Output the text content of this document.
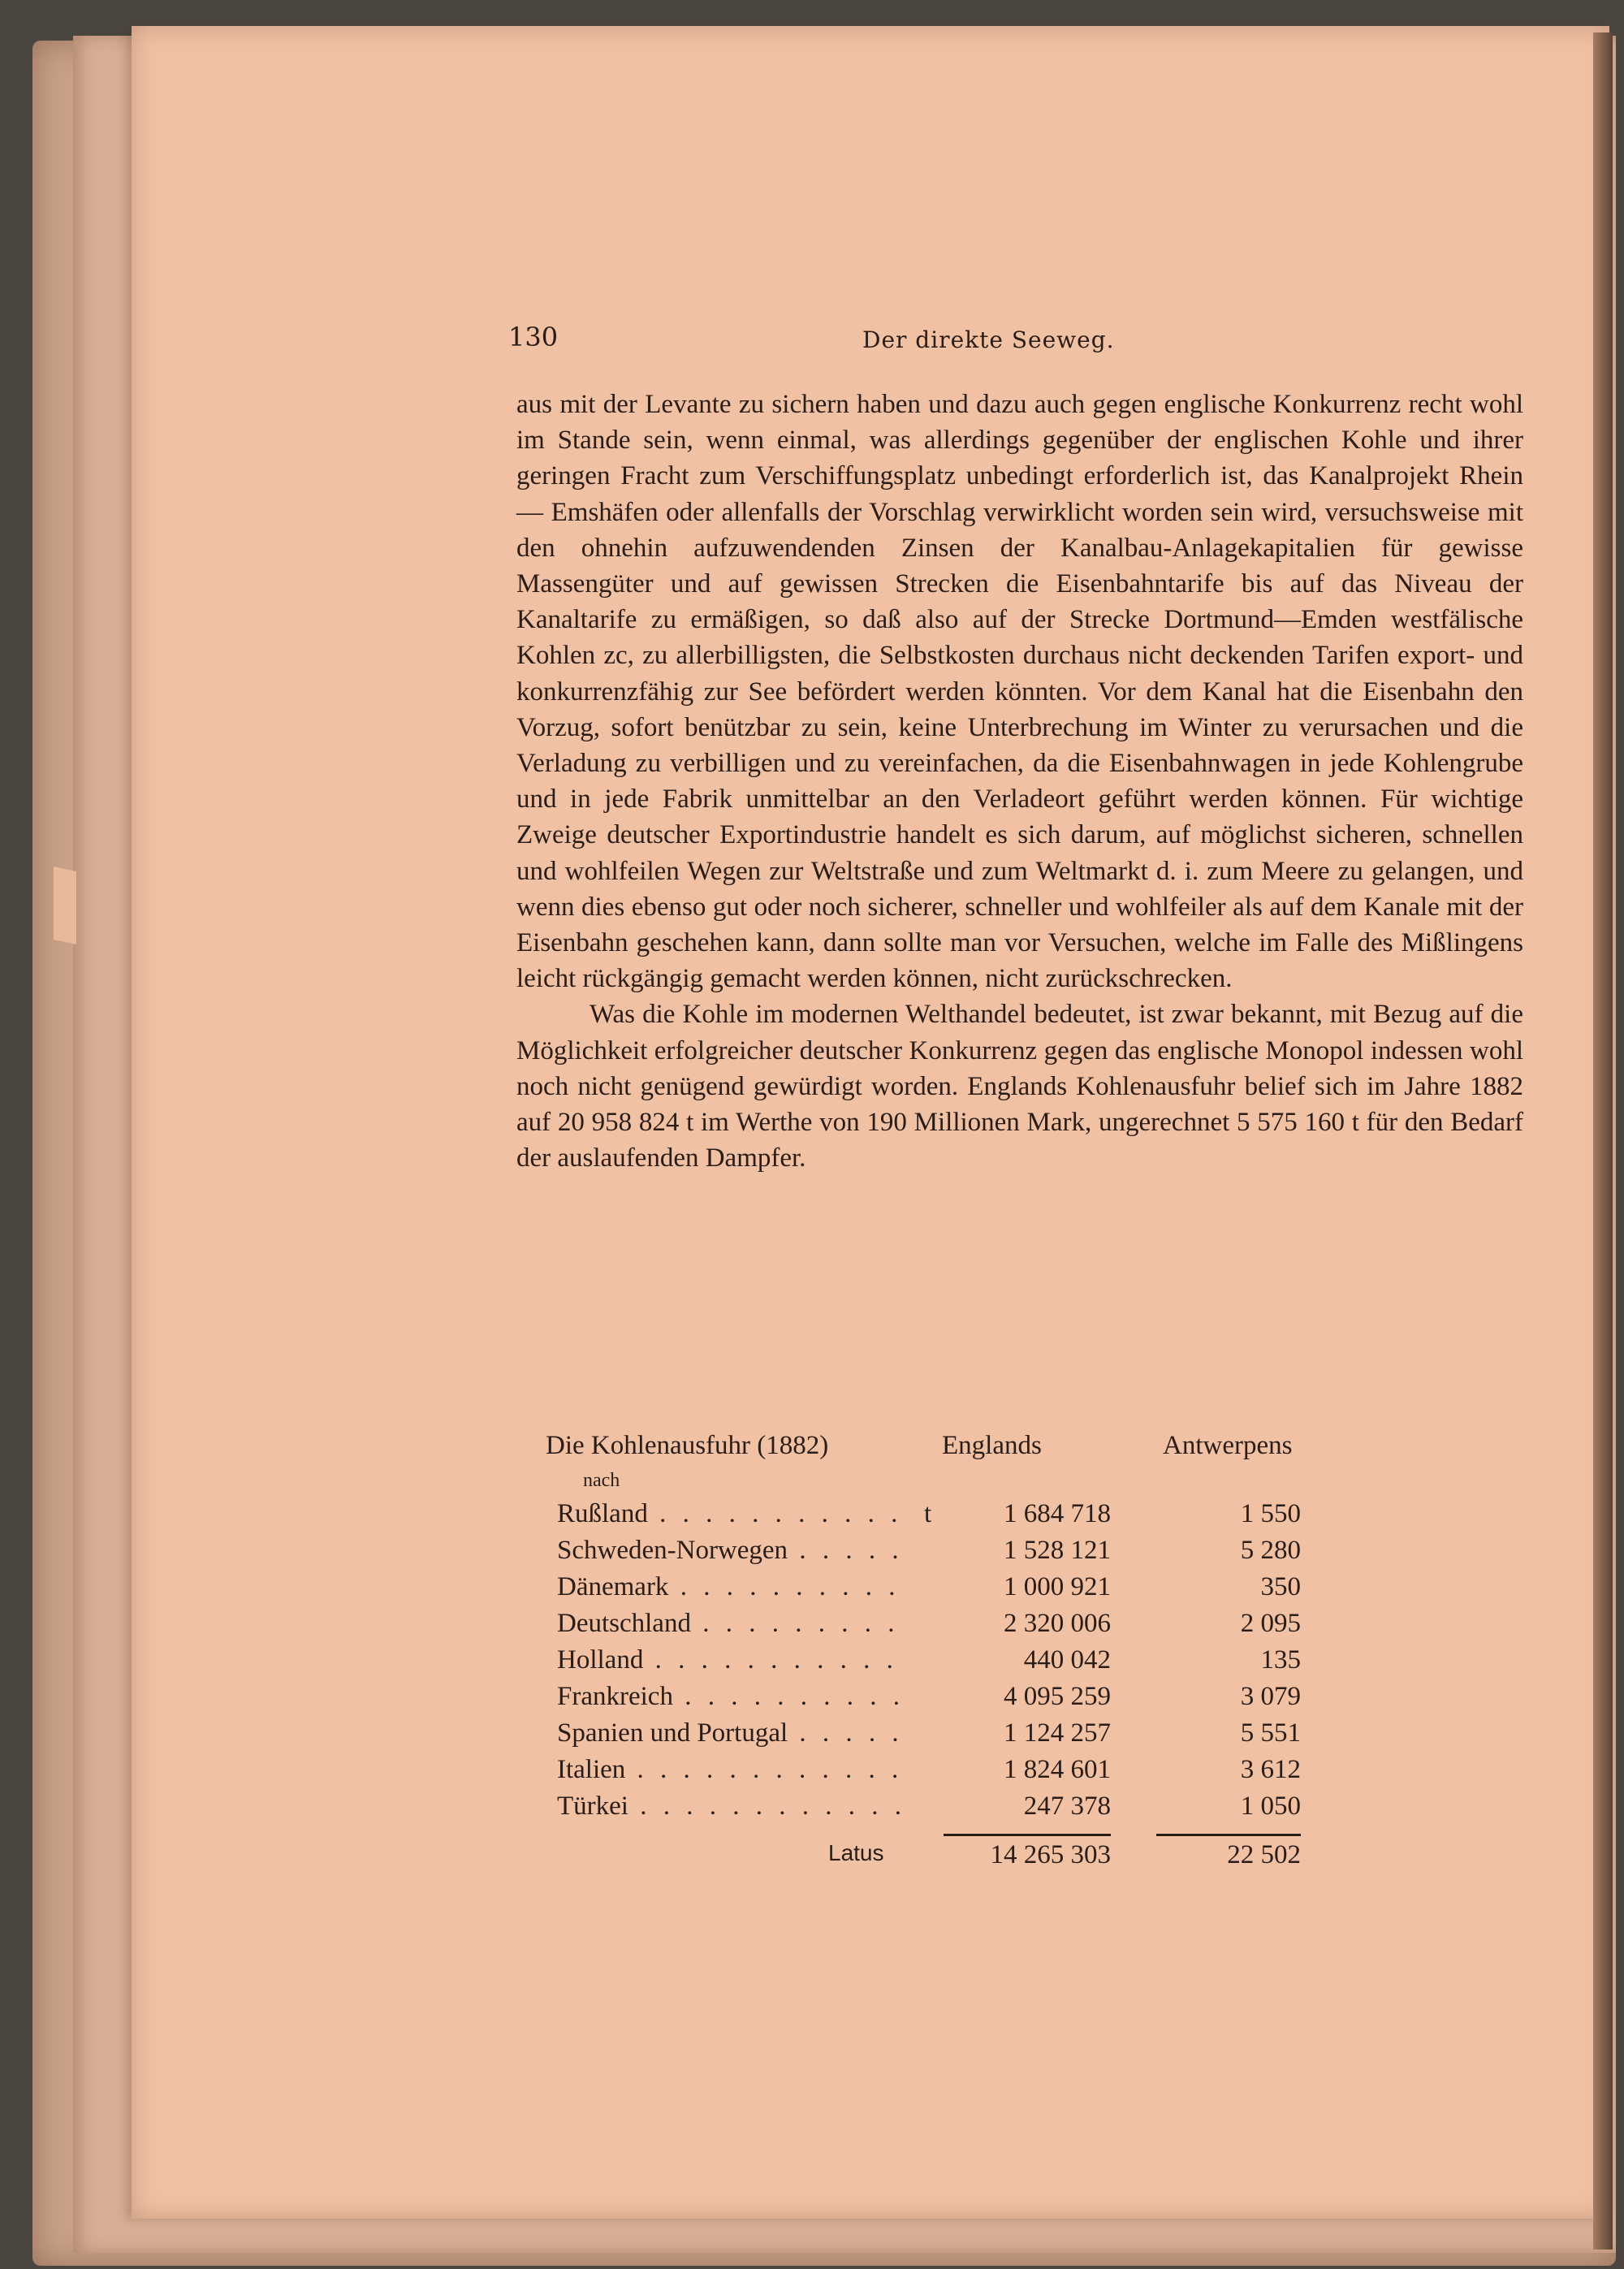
130	Der direkte Seeweg.

aus mit der Levante zu sichern haben und dazu auch gegen englische Konkurrenz recht wohl im Stande sein, wenn einmal, was allerdings gegenüber der englischen Kohle und ihrer geringen Fracht zum Verschiffungsplatz unbedingt erforderlich ist, das Kanalprojekt Rhein — Emshäfen oder allenfalls der Vorschlag verwirklicht worden sein wird, versuchsweise mit den ohnehin aufzuwendenden Zinsen der Kanalbau-Anlagekapitalien für gewisse Massengüter und auf gewissen Strecken die Eisenbahntarife bis auf das Niveau der Kanaltarife zu ermäßigen, so daß also auf der Strecke Dortmund—Emden westfälische Kohlen zc, zu allerbilligsten, die Selbstkosten durchaus nicht deckenden Tarifen export- und konkurrenzfähig zur See befördert werden könnten. Vor dem Kanal hat die Eisenbahn den Vorzug, sofort benützbar zu sein, keine Unterbrechung im Winter zu verursachen und die Verladung zu verbilligen und zu vereinfachen, da die Eisenbahnwagen in jede Kohlengrube und in jede Fabrik unmittelbar an den Verladeort geführt werden können. Für wichtige Zweige deutscher Exportindustrie handelt es sich darum, auf möglichst sicheren, schnellen und wohlfeilen Wegen zur Weltstraße und zum Weltmarkt d. i. zum Meere zu gelangen, und wenn dies ebenso gut oder noch sicherer, schneller und wohlfeiler als auf dem Kanale mit der Eisenbahn geschehen kann, dann sollte man vor Versuchen, welche im Falle des Mißlingens leicht rückgängig gemacht werden können, nicht zurückschrecken.

Was die Kohle im modernen Welthandel bedeutet, ist zwar bekannt, mit Bezug auf die Möglichkeit erfolgreicher deutscher Konkurrenz gegen das englische Monopol indessen wohl noch nicht genügend gewürdigt worden. Englands Kohlenausfuhr belief sich im Jahre 1882 auf 20 958 824 t im Werthe von 190 Millionen Mark, ungerechnet 5 575 160 t für den Bedarf der auslaufenden Dampfer.

Die Kohlenausfuhr (1882)
nach
Englands	Antwerpens
Rußland . . .	t	1 684 718	1 550
Schweden-Norwegen . . .	1 528 121	5 280
Dänemark . . .	1 000 921	350
Deutschland . . .	2 320 006	2 095
Holland . . .	440 042	135
Frankreich . . .	4 095 259	3 079
Spanien und Portugal . . .	1 124 257	5 551
Italien . . .	1 824 601	3 612
Türkei . . .	247 378	1 050
Latus	14 265 303	22 502
